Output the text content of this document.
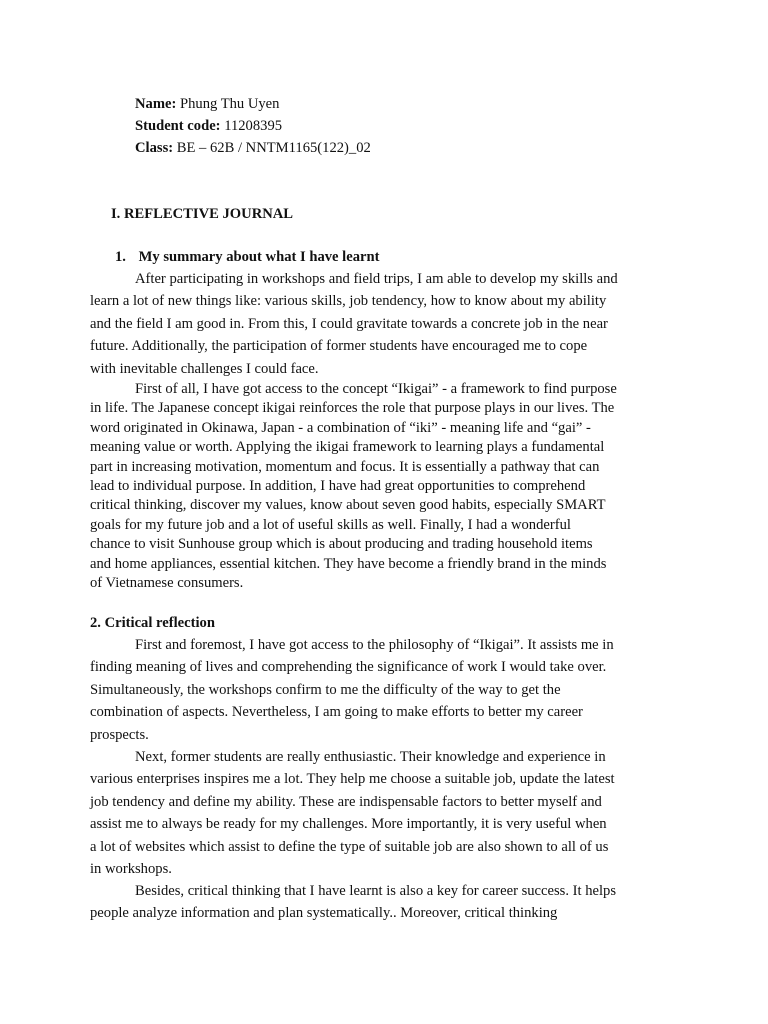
Name: Phung Thu Uyen
Student code: 11208395
Class: BE – 62B / NNTM1165(122)_02
I. REFLECTIVE JOURNAL
1. My summary about what I have learnt

After participating in workshops and field trips, I am able to develop my skills and
learn a lot of new things like: various skills, job tendency, how to know about my ability
and the field I am good in. From this, I could gravitate towards a concrete job in the near
future. Additionally, the participation of former students have encouraged me to cope
with inevitable challenges I could face.

First of all, I have got access to the concept “Ikigai” - a framework to find purpose
in life. The Japanese concept ikigai reinforces the role that purpose plays in our lives. The
word originated in Okinawa, Japan - a combination of “iki” - meaning life and “gai” -
meaning value or worth. Applying the ikigai framework to learning plays a fundamental
part in increasing motivation, momentum and focus. It is essentially a pathway that can
lead to individual purpose. In addition, I have had great opportunities to comprehend
critical thinking, discover my values, know about seven good habits, especially SMART
goals for my future job and a lot of useful skills as well. Finally, I had a wonderful
chance to visit Sunhouse group which is about producing and trading household items
and home appliances, essential kitchen. They have become a friendly brand in the minds
of Vietnamese consumers.

2. Critical reflection

First and foremost, I have got access to the philosophy of “Ikigai”. It assists me in
finding meaning of lives and comprehending the significance of work I would take over.
Simultaneously, the workshops confirm to me the difficulty of the way to get the
combination of aspects. Nevertheless, I am going to make efforts to better my career
prospects.

Next, former students are really enthusiastic. Their knowledge and experience in
various enterprises inspires me a lot. They help me choose a suitable job, update the latest
job tendency and define my ability. These are indispensable factors to better myself and
assist me to always be ready for my challenges. More importantly, it is very useful when
a lot of websites which assist to define the type of suitable job are also shown to all of us
in workshops.

Besides, critical thinking that I have learnt is also a key for career success. It helps
people analyze information and plan systematically.. Moreover, critical thinking
